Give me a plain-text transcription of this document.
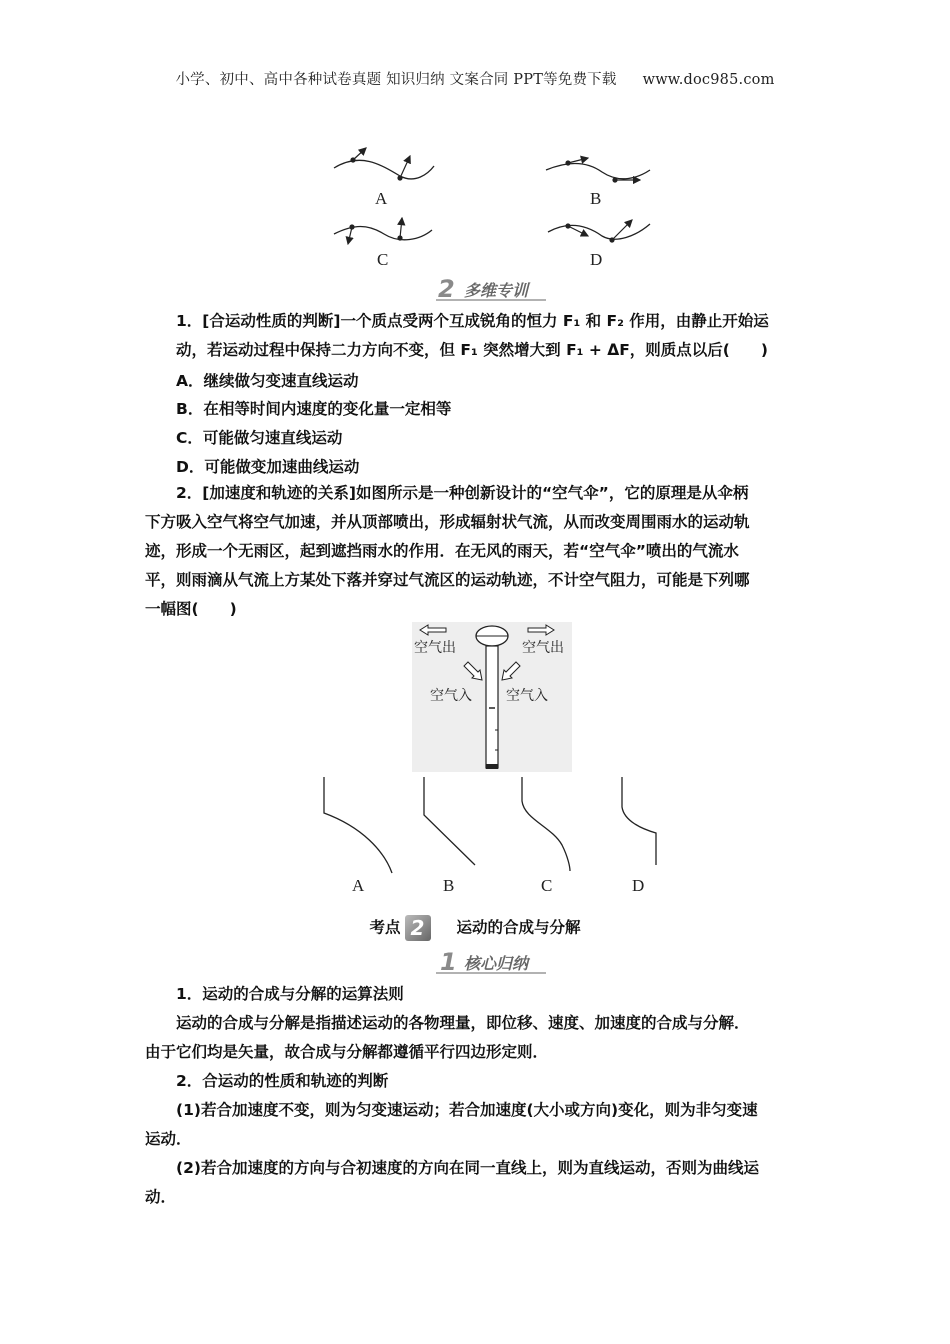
小学、初中、高中各种试卷真题 知识归纳 文案合同 PPT等免费下载 www.doc985.com
A	B
C	D
2 多维专训
1．[合运动性质的判断]一个质点受两个互成锐角的恒力 F₁ 和 F₂ 作用，由静止开始运
动，若运动过程中保持二力方向不变，但 F₁ 突然增大到 F₁ + ΔF，则质点以后(　　)
A．继续做匀变速直线运动
B．在相等时间内速度的变化量一定相等
C．可能做匀速直线运动
D．可能做变加速曲线运动
2．[加速度和轨迹的关系]如图所示是一种创新设计的“空气伞”，它的原理是从伞柄
下方吸入空气将空气加速，并从顶部喷出，形成辐射状气流，从而改变周围雨水的运动轨
迹，形成一个无雨区，起到遮挡雨水的作用．在无风的雨天，若“空气伞”喷出的气流水
平，则雨滴从气流上方某处下落并穿过气流区的运动轨迹，不计空气阻力，可能是下列哪
一幅图(　　)
空气出	空气出
空气入 空气入
A	B	C	D
考点 2 运动的合成与分解
1 核心归纳
1．运动的合成与分解的运算法则
运动的合成与分解是指描述运动的各物理量，即位移、速度、加速度的合成与分解．
由于它们均是矢量，故合成与分解都遵循平行四边形定则．
2．合运动的性质和轨迹的判断
(1)若合加速度不变，则为匀变速运动；若合加速度(大小或方向)变化，则为非匀变速
运动．
(2)若合加速度的方向与合初速度的方向在同一直线上，则为直线运动，否则为曲线运
动．
